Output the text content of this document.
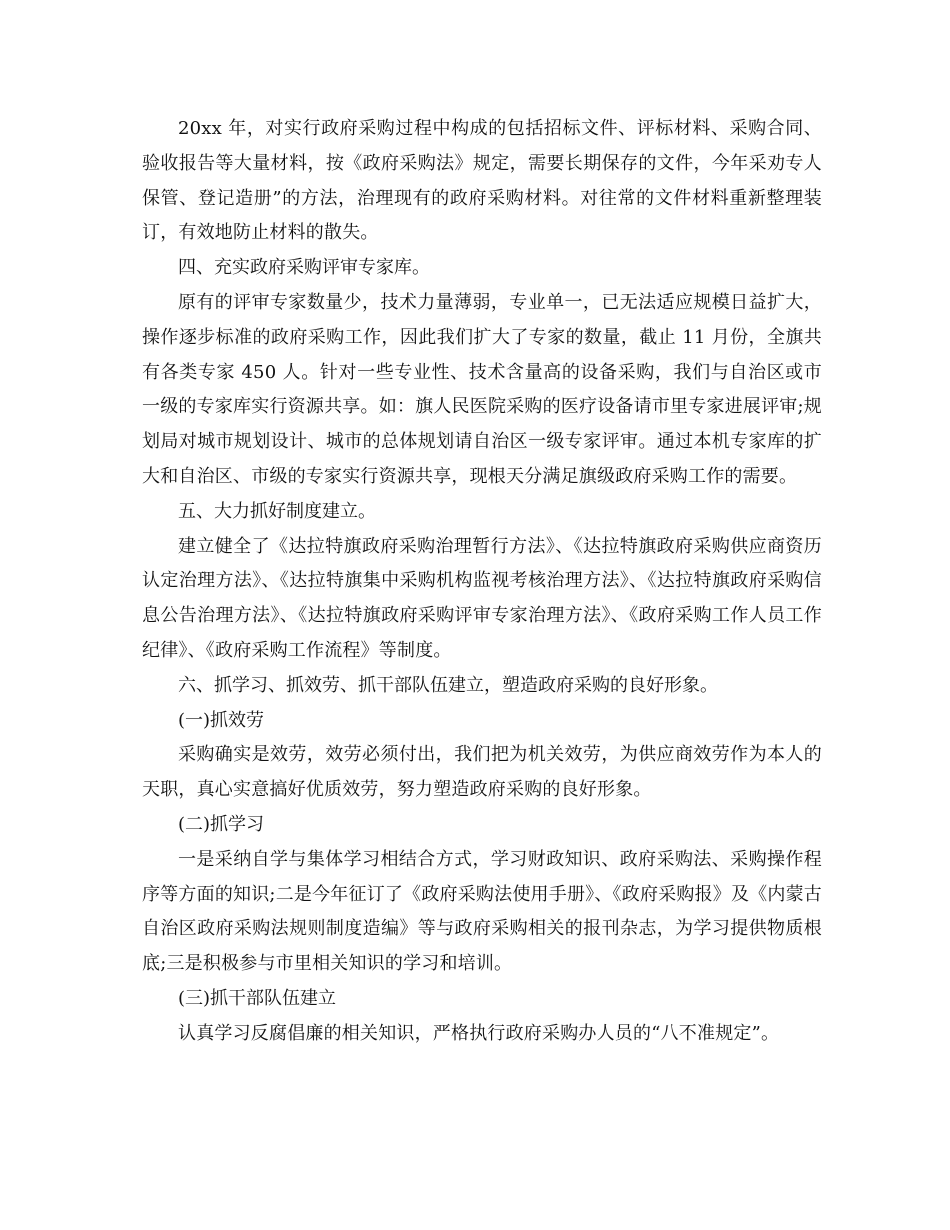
20xx 年，对实行政府采购过程中构成的包括招标文件、评标材料、采购合同、验收报告等大量材料，按《政府采购法》规定，需要长期保存的文件，今年采劝专人保管、登记造册”的方法，治理现有的政府采购材料。对往常的文件材料重新整理装订，有效地防止材料的散失。

四、充实政府采购评审专家库。

原有的评审专家数量少，技术力量薄弱，专业单一，已无法适应规模日益扩大，操作逐步标准的政府采购工作，因此我们扩大了专家的数量，截止 11 月份，全旗共有各类专家 450 人。针对一些专业性、技术含量高的设备采购，我们与自治区或市一级的专家库实行资源共享。如：旗人民医院采购的医疗设备请市里专家进展评审;规划局对城市规划设计、城市的总体规划请自治区一级专家评审。通过本机专家库的扩大和自治区、市级的专家实行资源共享，现根天分满足旗级政府采购工作的需要。

五、大力抓好制度建立。

建立健全了《达拉特旗政府采购治理暂行方法》、《达拉特旗政府采购供应商资历认定治理方法》、《达拉特旗集中采购机构监视考核治理方法》、《达拉特旗政府采购信息公告治理方法》、《达拉特旗政府采购评审专家治理方法》、《政府采购工作人员工作纪律》、《政府采购工作流程》等制度。

六、抓学习、抓效劳、抓干部队伍建立，塑造政府采购的良好形象。

(一)抓效劳

采购确实是效劳，效劳必须付出，我们把为机关效劳，为供应商效劳作为本人的天职，真心实意搞好优质效劳，努力塑造政府采购的良好形象。

(二)抓学习

一是采纳自学与集体学习相结合方式，学习财政知识、政府采购法、采购操作程序等方面的知识;二是今年征订了《政府采购法使用手册》、《政府采购报》及《内蒙古自治区政府采购法规则制度造编》等与政府采购相关的报刊杂志，为学习提供物质根底;三是积极参与市里相关知识的学习和培训。

(三)抓干部队伍建立

认真学习反腐倡廉的相关知识，严格执行政府采购办人员的“八不准规定”。
